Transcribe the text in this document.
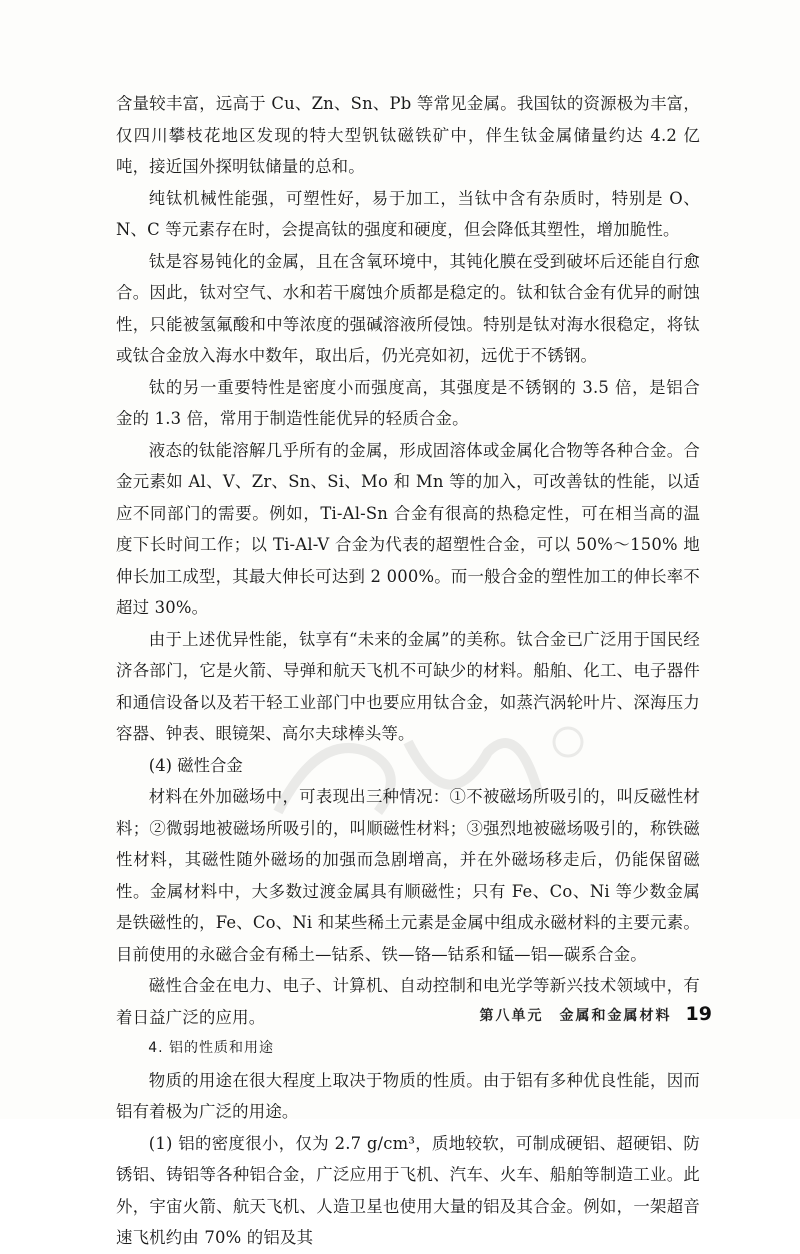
含量较丰富，远高于 Cu、Zn、Sn、Pb 等常见金属。我国钛的资源极为丰富，仅四川攀枝花地区发现的特大型钒钛磁铁矿中，伴生钛金属储量约达 4.2 亿吨，接近国外探明钛储量的总和。

纯钛机械性能强，可塑性好，易于加工，当钛中含有杂质时，特别是 O、N、C 等元素存在时，会提高钛的强度和硬度，但会降低其塑性，增加脆性。

钛是容易钝化的金属，且在含氧环境中，其钝化膜在受到破坏后还能自行愈合。因此，钛对空气、水和若干腐蚀介质都是稳定的。钛和钛合金有优异的耐蚀性，只能被氢氟酸和中等浓度的强碱溶液所侵蚀。特别是钛对海水很稳定，将钛或钛合金放入海水中数年，取出后，仍光亮如初，远优于不锈钢。

钛的另一重要特性是密度小而强度高，其强度是不锈钢的 3.5 倍，是铝合金的 1.3 倍，常用于制造性能优异的轻质合金。

液态的钛能溶解几乎所有的金属，形成固溶体或金属化合物等各种合金。合金元素如 Al、V、Zr、Sn、Si、Mo 和 Mn 等的加入，可改善钛的性能，以适应不同部门的需要。例如，Ti-Al-Sn 合金有很高的热稳定性，可在相当高的温度下长时间工作；以 Ti-Al-V 合金为代表的超塑性合金，可以 50%～150% 地伸长加工成型，其最大伸长可达到 2 000%。而一般合金的塑性加工的伸长率不超过 30%。

由于上述优异性能，钛享有“未来的金属”的美称。钛合金已广泛用于国民经济各部门，它是火箭、导弹和航天飞机不可缺少的材料。船舶、化工、电子器件和通信设备以及若干轻工业部门中也要应用钛合金，如蒸汽涡轮叶片、深海压力容器、钟表、眼镜架、高尔夫球棒头等。

(4) 磁性合金

材料在外加磁场中，可表现出三种情况：①不被磁场所吸引的，叫反磁性材料；②微弱地被磁场所吸引的，叫顺磁性材料；③强烈地被磁场吸引的，称铁磁性材料，其磁性随外磁场的加强而急剧增高，并在外磁场移走后，仍能保留磁性。金属材料中，大多数过渡金属具有顺磁性；只有 Fe、Co、Ni 等少数金属是铁磁性的，Fe、Co、Ni 和某些稀土元素是金属中组成永磁材料的主要元素。目前使用的永磁合金有稀土—钴系、铁—铬—钴系和锰—铝—碳系合金。

磁性合金在电力、电子、计算机、自动控制和电光学等新兴技术领域中，有着日益广泛的应用。

4. 铝的性质和用途

物质的用途在很大程度上取决于物质的性质。由于铝有多种优良性能，因而铝有着极为广泛的用途。

(1) 铝的密度很小，仅为 2.7 g/cm³，质地较软，可制成硬铝、超硬铝、防锈铝、铸铝等各种铝合金，广泛应用于飞机、汽车、火车、船舶等制造工业。此外，宇宙火箭、航天飞机、人造卫星也使用大量的铝及其合金。例如，一架超音速飞机约由 70% 的铝及其

第八单元　金属和金属材料 19
